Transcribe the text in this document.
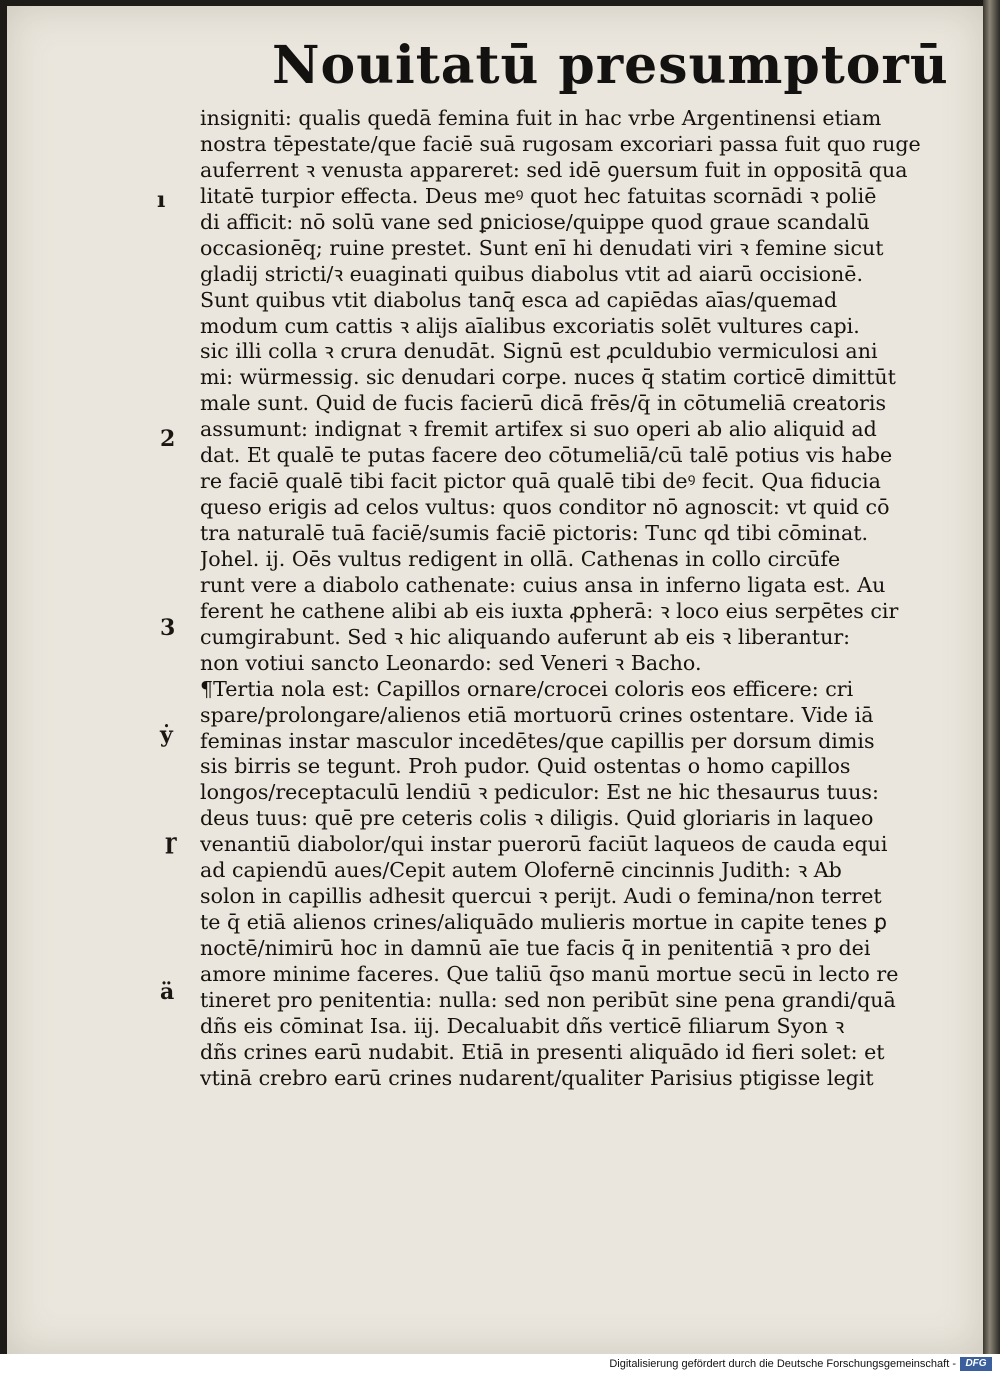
Nouitatū presumptorū
insigniti: qualis quedā femina fuit in hac vrbe Argentinensi etiam
nostra tēpestate/que faciē suā rugosam excoriari passa fuit quo ruge
auferrent ꝛ venusta appareret: sed idē ꝯuersum fuit in oppositā qua
litatē turpior effecta. Deus meꝰ quot hec fatuitas scornādi ꝛ poliē
di afficit: nō solū vane sed ꝑniciose/quippe quod graue scandalū
occasionēq; ruine prestet. Sunt enī hi denudati viri ꝛ femine sicut
gladij stricti/ꝛ euaginati quibus diabolus vtit ad aiarū occisionē.
Sunt quibus vtit diabolus tanq̄ esca ad capiēdas aīas/quemad
modum cum cattis ꝛ alijs aīalibus excoriatis solēt vultures capi.
sic illi colla ꝛ crura denudāt. Signū est ꝓculdubio vermiculosi ani
mi: würmessig. sic denudari corpe. nuces q̄ statim corticē dimittūt
male sunt. Quid de fucis facierū dicā frēs/q̄ in cōtumeliā creatoris
assumunt: indignat ꝛ fremit artifex si suo operi ab alio aliquid ad
dat. Et qualē te putas facere deo cōtumeliā/cū talē potius vis habe
re faciē qualē tibi facit pictor quā qualē tibi deꝰ fecit. Qua fiducia
queso erigis ad celos vultus: quos conditor nō agnoscit: vt quid cō
tra naturalē tuā faciē/sumis faciē pictoris: Tunc qd tibi cōminat.
Johel. ij. Oēs vultus redigent in ollā. Cathenas in collo circūfe
runt vere a diabolo cathenate: cuius ansa in inferno ligata est. Au
ferent he cathene alibi ab eis iuxta ꝓpherā: ꝛ loco eius serpētes cir
cumgirabunt. Sed ꝛ hic aliquando auferunt ab eis ꝛ liberantur:
non votiui sancto Leonardo: sed Veneri ꝛ Bacho.
¶Tertia nola est: Capillos ornare/crocei coloris eos efficere: cri
spare/prolongare/alienos etiā mortuorū crines ostentare. Vide iā
feminas instar masculor incedētes/que capillis per dorsum dimis
sis birris se tegunt. Proh pudor. Quid ostentas o homo capillos
longos/receptaculū lendiū ꝛ pediculor: Est ne hic thesaurus tuus:
deus tuus: quē pre ceteris colis ꝛ diligis. Quid gloriaris in laqueo
venantiū diabolor/qui instar puerorū faciūt laqueos de cauda equi
ad capiendū aues/Cepit autem Olofernē cincinnis Judith: ꝛ Ab
solon in capillis adhesit quercui ꝛ perijt. Audi o femina/non terret
te q̄ etiā alienos crines/aliquādo mulieris mortue in capite tenes ꝑ
noctē/nimirū hoc in damnū aīe tue facis q̄ in penitentiā ꝛ pro dei
amore minime faceres. Que taliū q̄so manū mortue secū in lecto re
tineret pro penitentia: nulla: sed non peribūt sine pena grandi/quā
dñs eis cōminat Isa. iij. Decaluabit dñs verticē filiarum Syon ꝛ
dñs crines earū nudabit. Etiā in presenti aliquādo id fieri solet: et
vtinā crebro earū crines nudarent/qualiter Parisius ptigisse legit
ı
2
3
ẏ
ɼ
ä
Digitalisierung gefördert durch die Deutsche Forschungsgemeinschaft - DFG
